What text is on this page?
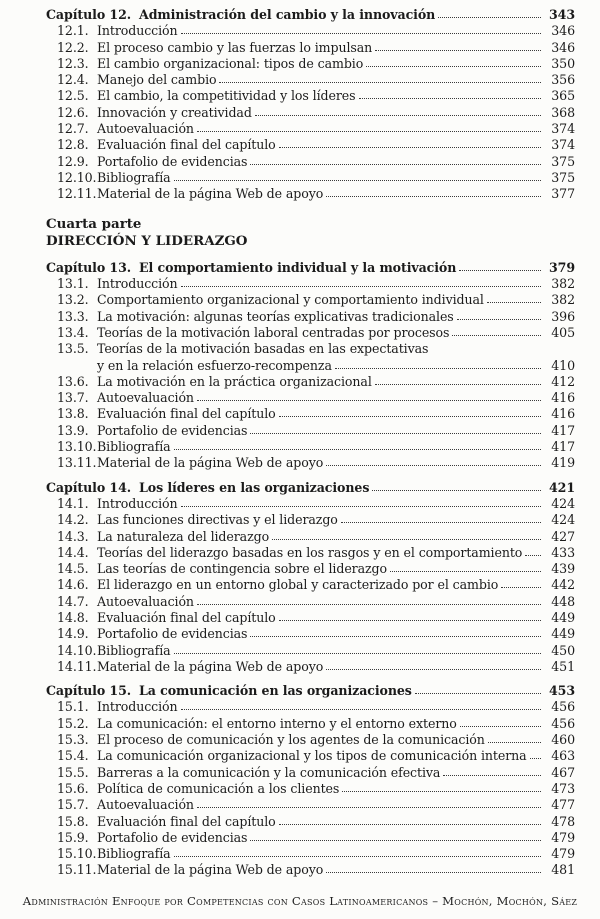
Capítulo 12. Administración del cambio y la innovación	343
12.1. Introducción	346
12.2. El proceso cambio y las fuerzas lo impulsan	346
12.3. El cambio organizacional: tipos de cambio	350
12.4. Manejo del cambio	356
12.5. El cambio, la competitividad y los líderes	365
12.6. Innovación y creatividad	368
12.7. Autoevaluación	374
12.8. Evaluación final del capítulo	374
12.9. Portafolio de evidencias	375
12.10. Bibliografía	375
12.11. Material de la página Web de apoyo	377
Cuarta parte
DIRECCIÓN Y LIDERAZGO
Capítulo 13. El comportamiento individual y la motivación	379
13.1. Introducción	382
13.2. Comportamiento organizacional y comportamiento individual	382
13.3. La motivación: algunas teorías explicativas tradicionales	396
13.4. Teorías de la motivación laboral centradas por procesos	405
13.5. Teorías de la motivación basadas en las expectativas
y en la relación esfuerzo-recompenza	410
13.6. La motivación en la práctica organizacional	412
13.7. Autoevaluación	416
13.8. Evaluación final del capítulo	416
13.9. Portafolio de evidencias	417
13.10. Bibliografía	417
13.11. Material de la página Web de apoyo	419
Capítulo 14. Los líderes en las organizaciones	421
14.1. Introducción	424
14.2. Las funciones directivas y el liderazgo	424
14.3. La naturaleza del liderazgo	427
14.4. Teorías del liderazgo basadas en los rasgos y en el comportamiento 433
14.5. Las teorías de contingencia sobre el liderazgo	439
14.6. El liderazgo en un entorno global y caracterizado por el cambio	442
14.7. Autoevaluación	448
14.8. Evaluación final del capítulo	449
14.9. Portafolio de evidencias	449
14.10. Bibliografía	450
14.11. Material de la página Web de apoyo	451
Capítulo 15. La comunicación en las organizaciones	453
15.1. Introducción	456
15.2. La comunicación: el entorno interno y el entorno externo	456
15.3. El proceso de comunicación y los agentes de la comunicación	460
15.4. La comunicación organizacional y los tipos de comunicación interna 463
15.5. Barreras a la comunicación y la comunicación efectiva	467
15.6. Política de comunicación a los clientes	473
15.7. Autoevaluación	477
15.8. Evaluación final del capítulo	478
15.9. Portafolio de evidencias	479
15.10. Bibliografía	479
15.11. Material de la página Web de apoyo	481
Administración Enfoque por Competencias con Casos Latinoamericanos – Mochón, Mochón, Sáez
